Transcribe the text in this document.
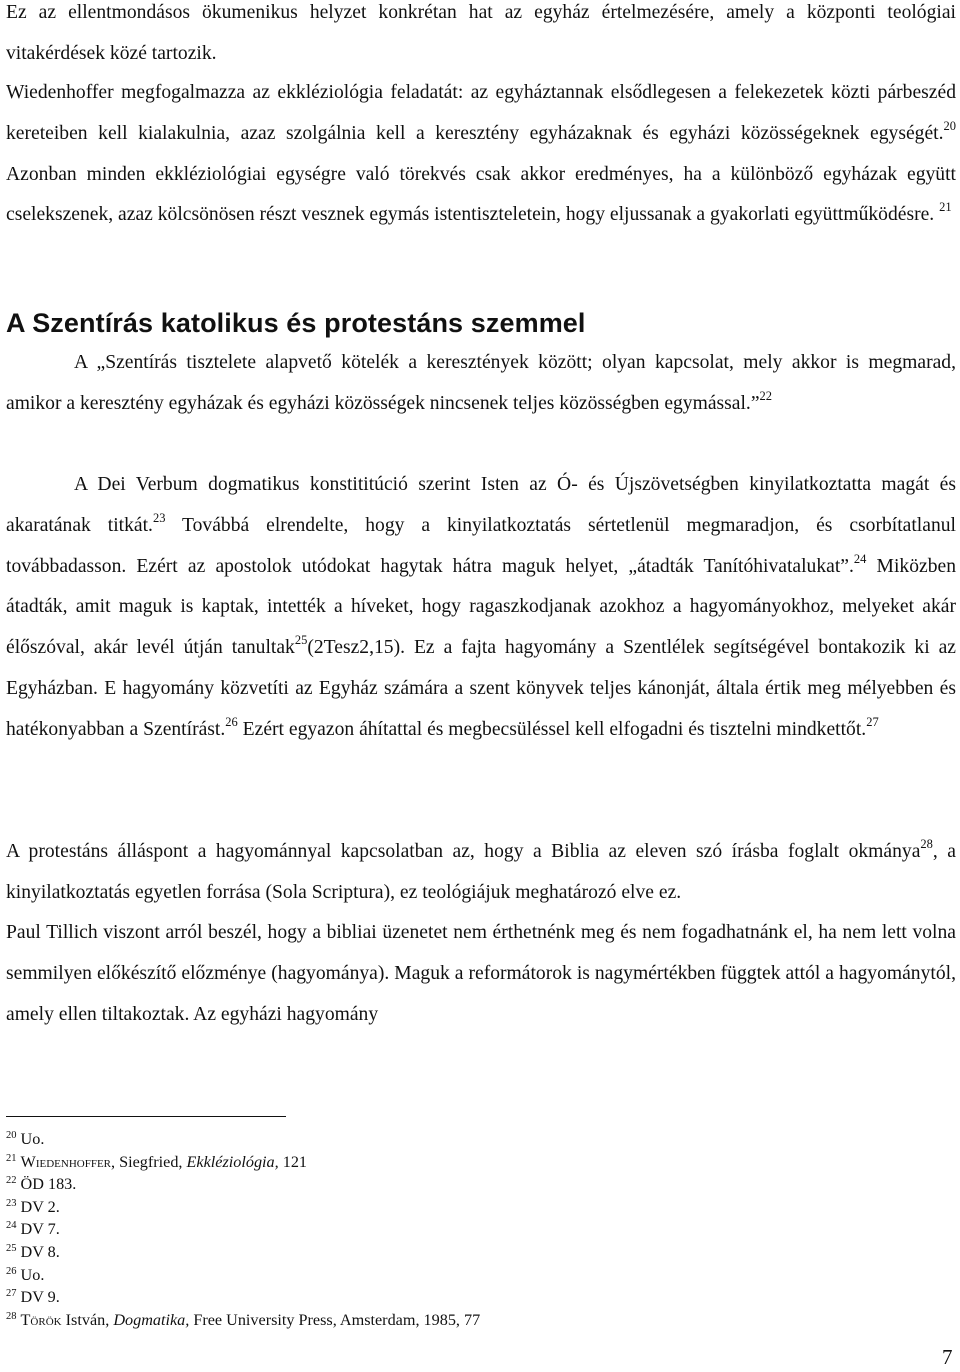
Ez az ellentmondásos ökumenikus helyzet konkrétan hat az egyház értelmezésére, amely a központi teológiai vitakérdések közé tartozik.

Wiedenhoffer megfogalmazza az ekkléziológia feladatát: az egyháztannak elsődlegesen a felekezetek közti párbeszéd kereteiben kell kialakulnia, azaz szolgálnia kell a keresztény egyházaknak és egyházi közösségeknek egységét.$^{20}$ Azonban minden ekkléziológiai egységre való törekvés csak akkor eredményes, ha a különböző egyházak együtt cselekszenek, azaz kölcsönösen részt vesznek egymás istentiszteletein, hogy eljussanak a gyakorlati együttműködésre. $^{21}$

A Szentírás katolikus és protestáns szemmel

A „Szentírás tisztelete alapvető kötelék a keresztények között; olyan kapcsolat, mely akkor is megmarad, amikor a keresztény egyházak és egyházi közösségek nincsenek teljes közösségben egymással.”$^{22}$

A Dei Verbum dogmatikus konstititúció szerint Isten az Ó- és Újszövetségben kinyilatkoztatta magát és akaratának titkát.$^{23}$ Továbbá elrendelte, hogy a kinyilatkoztatás sértetlenül megmaradjon, és csorbítatlanul továbbadasson. Ezért az apostolok utódokat hagytak hátra maguk helyet, „átadták Tanítóhivatalukat”.$^{24}$ Miközben átadták, amit maguk is kaptak, intették a híveket, hogy ragaszkodjanak azokhoz a hagyományokhoz, melyeket akár élőszóval, akár levél útján tanultak$^{25}$(2Tesz2,15). Ez a fajta hagyomány a Szentlélek segítségével bontakozik ki az Egyházban. E hagyomány közvetíti az Egyház számára a szent könyvek teljes kánonját, általa értik meg mélyebben és hatékonyabban a Szentírást.$^{26}$ Ezért egyazon áhítattal és megbecsüléssel kell elfogadni és tisztelni mindkettőt.$^{27}$

A protestáns álláspont a hagyománnyal kapcsolatban az, hogy a Biblia az eleven szó írásba foglalt okmánya$^{28}$, a kinyilatkoztatás egyetlen forrása (Sola Scriptura), ez teológiájuk meghatározó elve ez.

Paul Tillich viszont arról beszél, hogy a bibliai üzenetet nem érthetnénk meg és nem fogadhatnánk el, ha nem lett volna semmilyen előkészítő előzménye (hagyománya). Maguk a reformátorok is nagymértékben függtek attól a hagyománytól, amely ellen tiltakoztak. Az egyházi hagyomány

$^{20}$ Uo.
$^{21}$ Wiedenhoffer, Siegfried, Ekkléziológia, 121
$^{22}$ ÖD 183.
$^{23}$ DV 2.
$^{24}$ DV 7.
$^{25}$ DV 8.
$^{26}$ Uo.
$^{27}$ DV 9.
$^{28}$ Török István, Dogmatika, Free University Press, Amsterdam, 1985, 77
7
